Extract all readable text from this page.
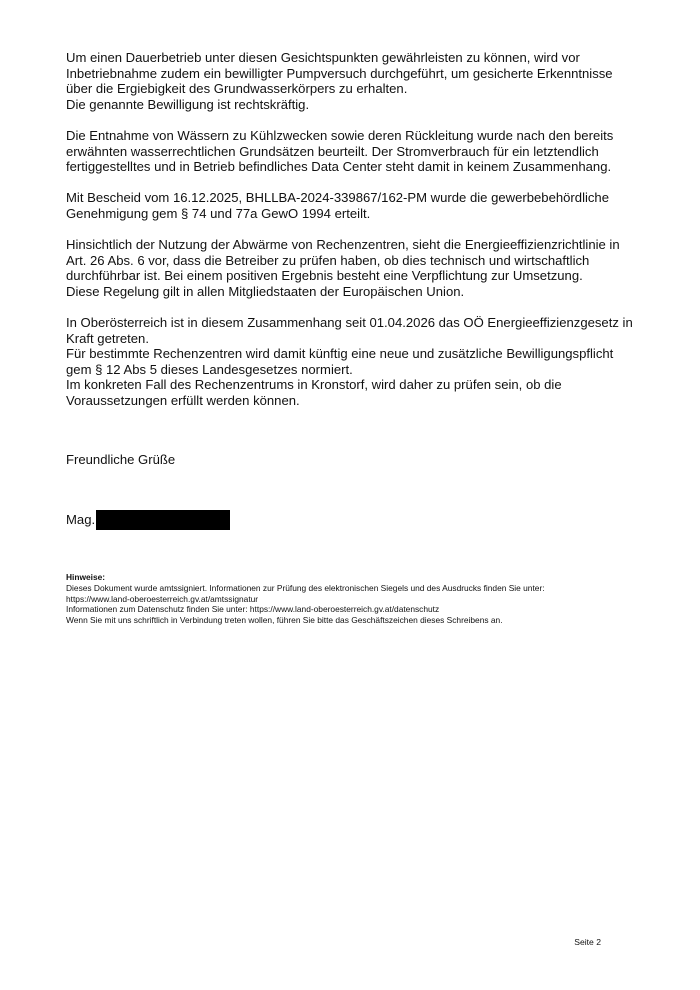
Um einen Dauerbetrieb unter diesen Gesichtspunkten gewährleisten zu können, wird vor
Inbetriebnahme zudem ein bewilligter Pumpversuch durchgeführt, um gesicherte Erkenntnisse
über die Ergiebigkeit des Grundwasserkörpers zu erhalten.
Die genannte Bewilligung ist rechtskräftig.

Die Entnahme von Wässern zu Kühlzwecken sowie deren Rückleitung wurde nach den bereits
erwähnten wasserrechtlichen Grundsätzen beurteilt. Der Stromverbrauch für ein letztendlich
fertiggestelltes und in Betrieb befindliches Data Center steht damit in keinem Zusammenhang.

Mit Bescheid vom 16.12.2025, BHLLBA-2024-339867/162-PM wurde die gewerbebehördliche
Genehmigung gem § 74 und 77a GewO 1994 erteilt.

Hinsichtlich der Nutzung der Abwärme von Rechenzentren, sieht die Energieeffizienzrichtlinie in
Art. 26 Abs. 6 vor, dass die Betreiber zu prüfen haben, ob dies technisch und wirtschaftlich
durchführbar ist. Bei einem positiven Ergebnis besteht eine Verpflichtung zur Umsetzung.
Diese Regelung gilt in allen Mitgliedstaaten der Europäischen Union.

In Oberösterreich ist in diesem Zusammenhang seit 01.04.2026 das OÖ Energieeffizienzgesetz in
Kraft getreten.
Für bestimmte Rechenzentren wird damit künftig eine neue und zusätzliche Bewilligungspflicht
gem § 12 Abs 5 dieses Landesgesetzes normiert.
Im konkreten Fall des Rechenzentrums in Kronstorf, wird daher zu prüfen sein, ob die
Voraussetzungen erfüllt werden können.

Freundliche Grüße
Mag.
Hinweise:
Dieses Dokument wurde amtssigniert. Informationen zur Prüfung des elektronischen Siegels und des Ausdrucks finden Sie unter:
https://www.land-oberoesterreich.gv.at/amtssignatur
Informationen zum Datenschutz finden Sie unter: https://www.land-oberoesterreich.gv.at/datenschutz
Wenn Sie mit uns schriftlich in Verbindung treten wollen, führen Sie bitte das Geschäftszeichen dieses Schreibens an.
Seite 2
